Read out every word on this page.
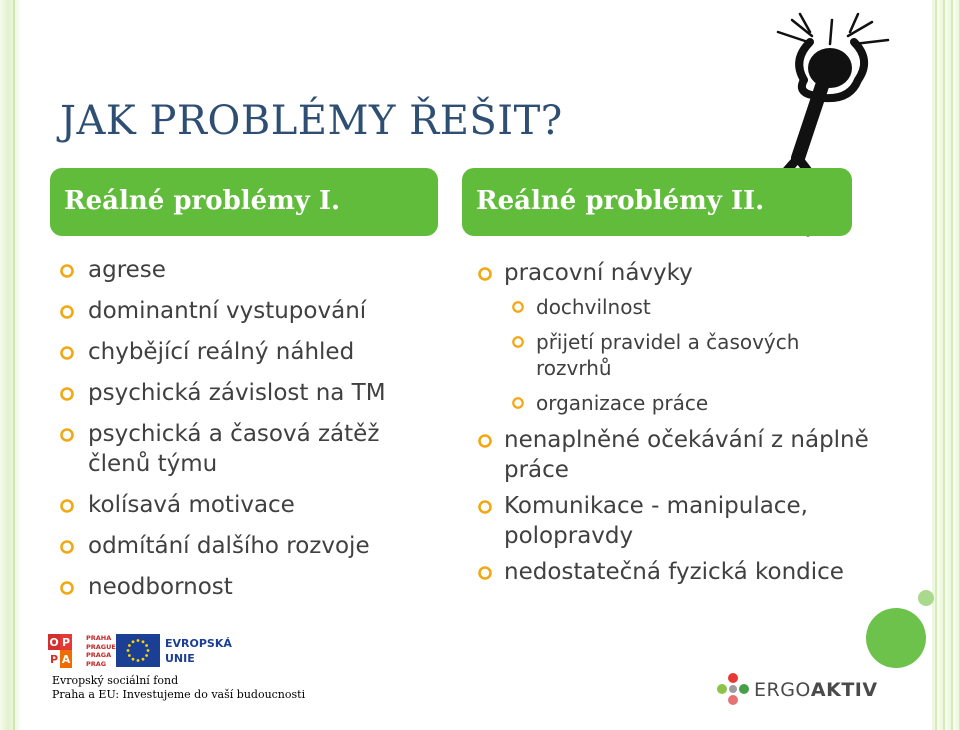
JAK PROBLÉMY ŘEŠIT?
Reálné problémy I.	Reálné problémy II.
agrese
dominantní vystupování
chybějící reálný náhled
psychická závislost na TM
psychická a časová zátěž členů týmu
kolísavá motivace
odmítání dalšího rozvoje
neodbornost
pracovní návyky
dochvilnost
přijetí pravidel a časových rozvrhů
organizace práce
nenaplněné očekávání z náplně práce
Komunikace - manipulace, polopravdy
nedostatečná fyzická kondice
O P
P A
PRAHA
PRAGUE
PRAGA
PRAG
EVROPSKÁ
UNIE
Evropský sociální fond
Praha a EU: Investujeme do vaší budoucnosti	ERGOAKTIV
